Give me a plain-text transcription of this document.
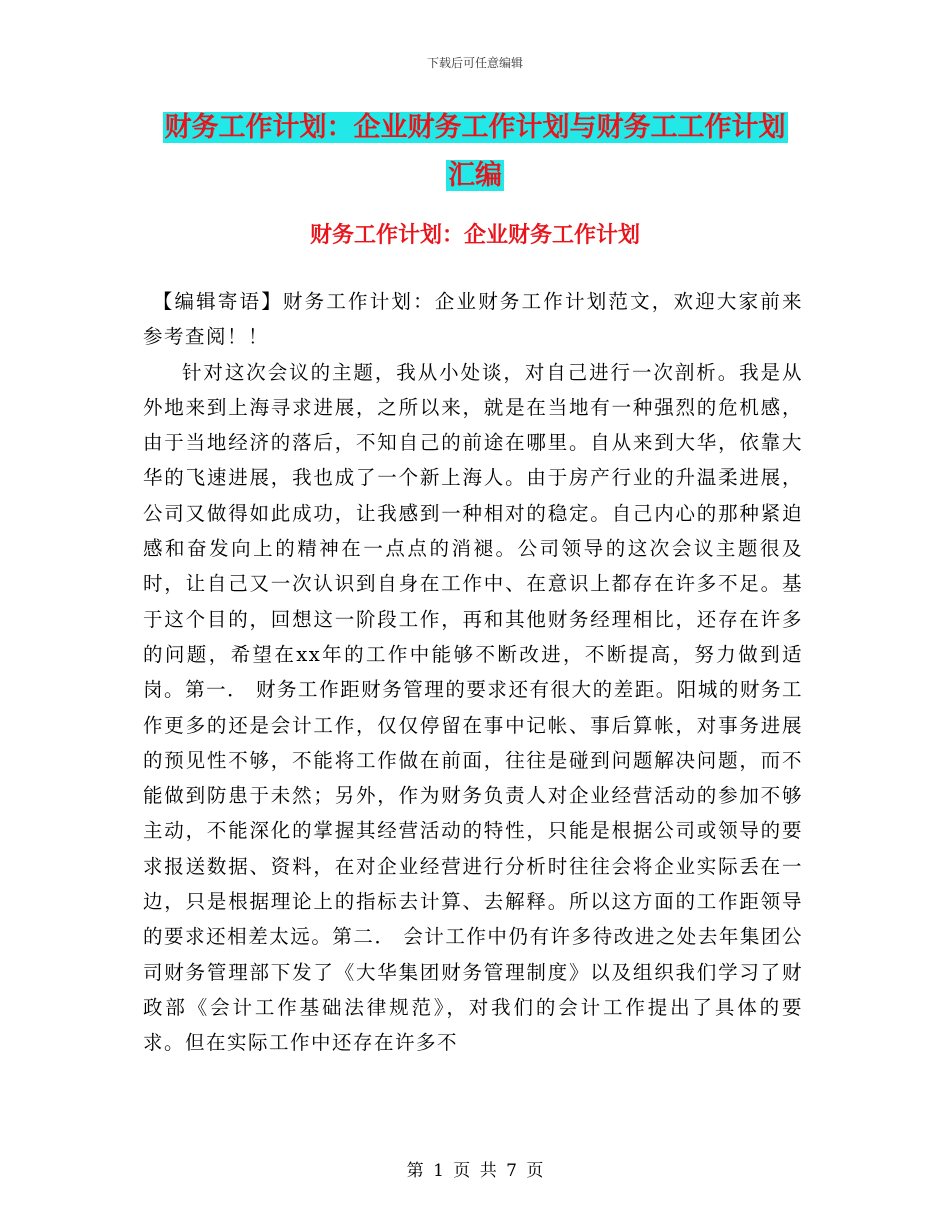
下载后可任意编辑
财务工作计划：企业财务工作计划与财务工工作计划
汇编
财务工作计划：企业财务工作计划

【编辑寄语】财务工作计划：企业财务工作计划范文，欢迎大家前来参考查阅！！

针对这次会议的主题，我从小处谈，对自己进行一次剖析。我是从外地来到上海寻求进展，之所以来，就是在当地有一种强烈的危机感，由于当地经济的落后，不知自己的前途在哪里。自从来到大华，依靠大华的飞速进展，我也成了一个新上海人。由于房产行业的升温柔进展，公司又做得如此成功，让我感到一种相对的稳定。自己内心的那种紧迫感和奋发向上的精神在一点点的消褪。公司领导的这次会议主题很及时，让自己又一次认识到自身在工作中、在意识上都存在许多不足。基于这个目的，回想这一阶段工作，再和其他财务经理相比，还存在许多的问题，希望在xx年的工作中能够不断改进，不断提高，努力做到适岗。第一． 财务工作距财务管理的要求还有很大的差距。阳城的财务工作更多的还是会计工作，仅仅停留在事中记帐、事后算帐，对事务进展的预见性不够，不能将工作做在前面，往往是碰到问题解决问题，而不能做到防患于未然；另外，作为财务负责人对企业经营活动的参加不够主动，不能深化的掌握其经营活动的特性，只能是根据公司或领导的要求报送数据、资料，在对企业经营进行分析时往往会将企业实际丢在一边，只是根据理论上的指标去计算、去解释。所以这方面的工作距领导的要求还相差太远。第二． 会计工作中仍有许多待改进之处去年集团公司财务管理部下发了《大华集团财务管理制度》以及组织我们学习了财政部《会计工作基础法律规范》，对我们的会计工作提出了具体的要求。但在实际工作中还存在许多不

第 1 页 共 7 页
